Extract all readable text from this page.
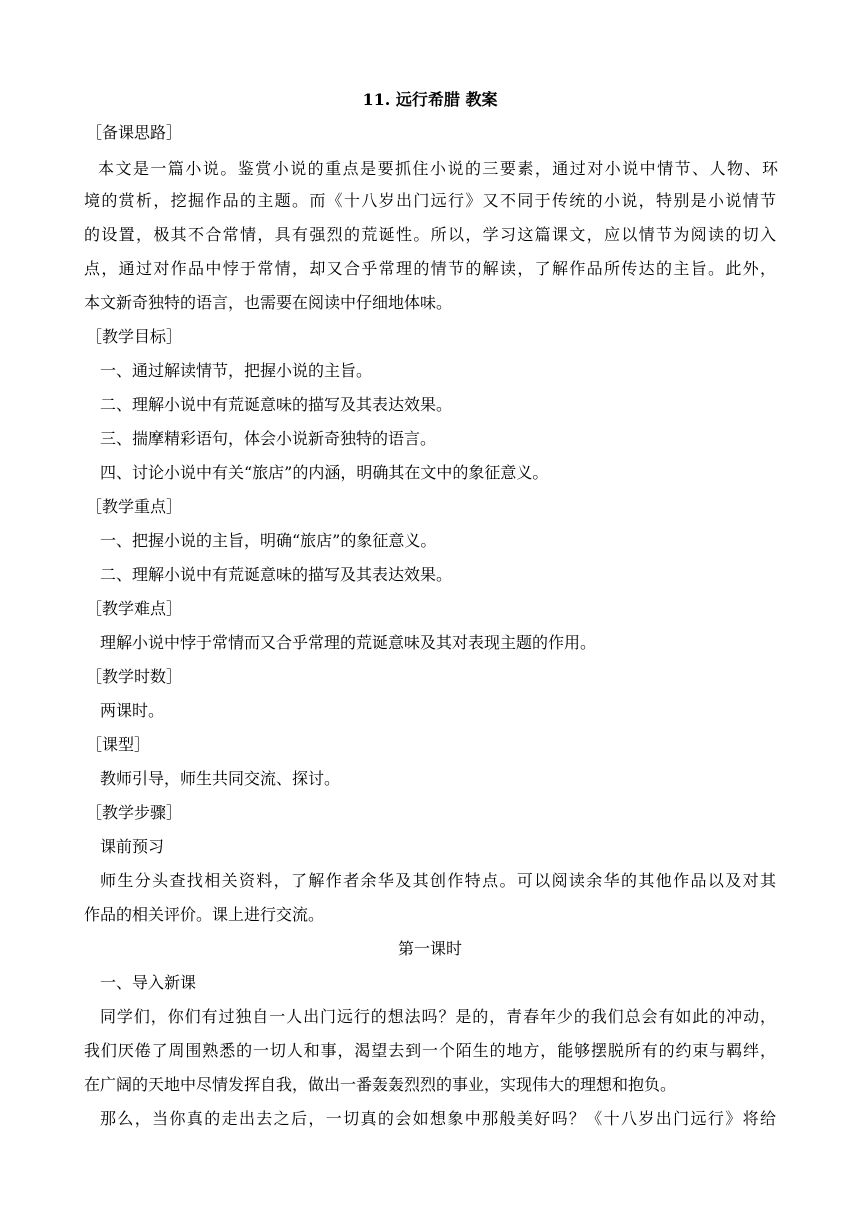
11. 远行希腊 教案
［备课思路］
本文是一篇小说。鉴赏小说的重点是要抓住小说的三要素，通过对小说中情节、人物、环
境的赏析，挖掘作品的主题。而《十八岁出门远行》又不同于传统的小说，特别是小说情节
的设置，极其不合常情，具有强烈的荒诞性。所以，学习这篇课文，应以情节为阅读的切入
点，通过对作品中悖于常情，却又合乎常理的情节的解读，了解作品所传达的主旨。此外，
本文新奇独特的语言，也需要在阅读中仔细地体味。
［教学目标］
一、通过解读情节，把握小说的主旨。
二、理解小说中有荒诞意味的描写及其表达效果。
三、揣摩精彩语句，体会小说新奇独特的语言。
四、讨论小说中有关“旅店”的内涵，明确其在文中的象征意义。
［教学重点］
一、把握小说的主旨，明确“旅店”的象征意义。
二、理解小说中有荒诞意味的描写及其表达效果。
［教学难点］
理解小说中悖于常情而又合乎常理的荒诞意味及其对表现主题的作用。
［教学时数］
两课时。
［课型］
教师引导，师生共同交流、探讨。
［教学步骤］
课前预习
师生分头查找相关资料，了解作者余华及其创作特点。可以阅读余华的其他作品以及对其
作品的相关评价。课上进行交流。
第一课时
一、导入新课
同学们，你们有过独自一人出门远行的想法吗？是的，青春年少的我们总会有如此的冲动，
我们厌倦了周围熟悉的一切人和事，渴望去到一个陌生的地方，能够摆脱所有的约束与羁绊，
在广阔的天地中尽情发挥自我，做出一番轰轰烈烈的事业，实现伟大的理想和抱负。
那么，当你真的走出去之后，一切真的会如想象中那般美好吗？《十八岁出门远行》将给
